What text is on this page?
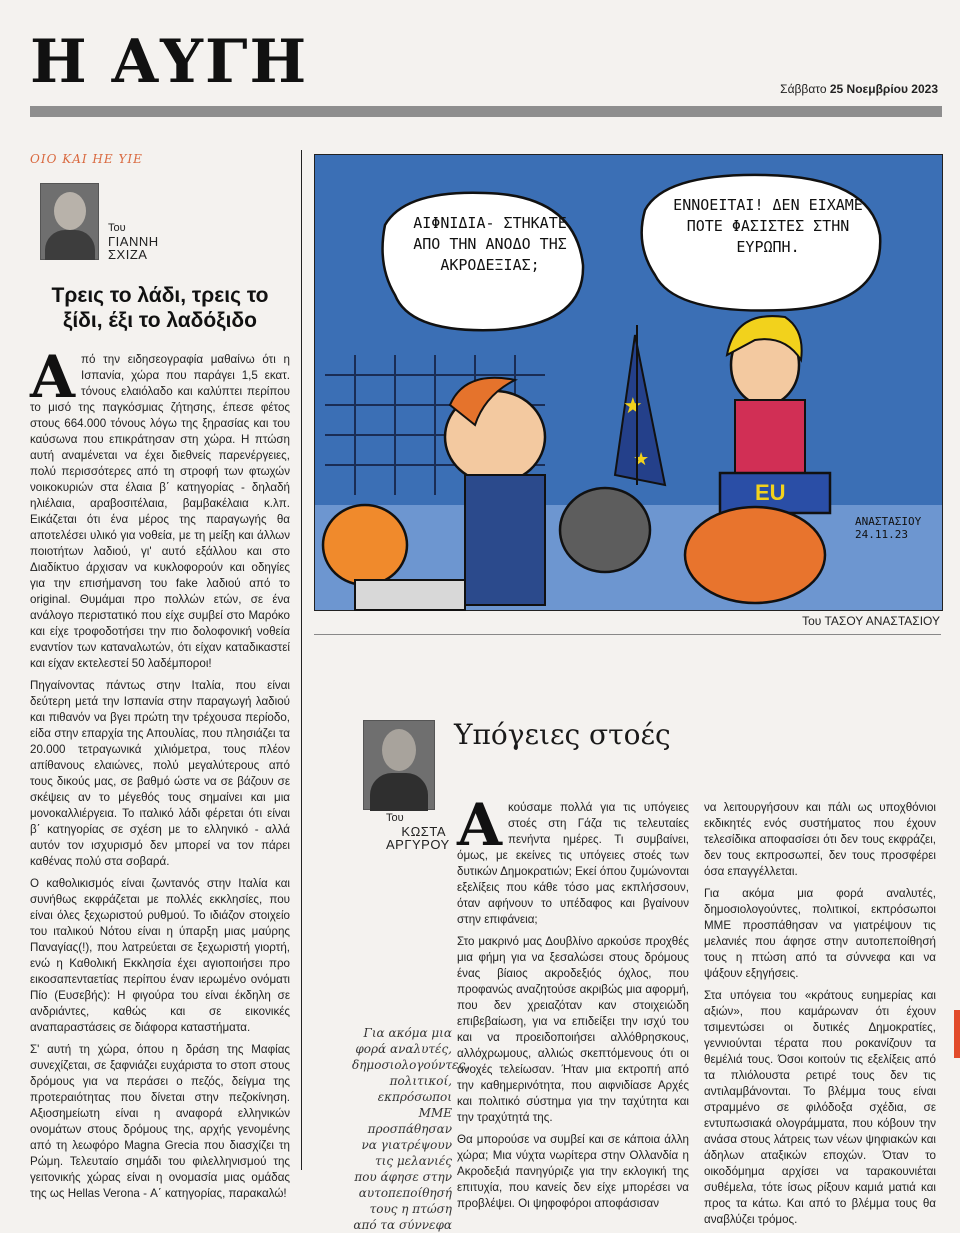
Η ΑΥΓΗ	Σάββατο 25 Νοεμβρίου 2023
ΟΙΟ ΚΑΙ ΗΕ ΥΙΕ
Του
ΓΙΑΝΝΗ
ΣΧΙΖΑ
Τρεις το λάδι, τρεις το ξίδι, έξι το λαδόξιδο

Από την ειδησεογραφία μαθαίνω ότι η Ισπανία, χώρα που παράγει 1,5 εκατ. τόνους ελαιόλαδο και καλύπτει περίπου το μισό της παγκόσμιας ζήτησης, έπεσε φέτος στους 664.000 τόνους λόγω της ξηρασίας και του καύσωνα που επικράτησαν στη χώρα. Η πτώση αυτή αναμένεται να έχει διεθνείς παρενέργειες, πολύ περισσότερες από τη στροφή των φτωχών νοικοκυριών στα έλαια β΄ κατηγορίας - δηλαδή ηλιέλαια, αραβοσιτέλαια, βαμβακέλαια κ.λπ. Εικάζεται ότι ένα μέρος της παραγωγής θα αποτελέσει υλικό για νοθεία, με τη μείξη και άλλων ποιοτήτων λαδιού, γι' αυτό εξάλλου και στο Διαδίκτυο άρχισαν να κυκλοφορούν και οδηγίες για την επισήμανση του fake λαδιού από το original. Θυμάμαι προ πολλών ετών, σε ένα ανάλογο περιστατικό που είχε συμβεί στο Μαρόκο και είχε τροφοδοτήσει την πιο δολοφονική νοθεία εναντίον των καταναλωτών, ότι είχαν καταδικαστεί και είχαν εκτελεστεί 50 λαδέμποροι!

Πηγαίνοντας πάντως στην Ιταλία, που είναι δεύτερη μετά την Ισπανία στην παραγωγή λαδιού και πιθανόν να βγει πρώτη την τρέχουσα περίοδο, είδα στην επαρχία της Απουλίας, που πλησιάζει τα 20.000 τετραγωνικά χιλιόμετρα, τους πλέον απίθανους ελαιώνες, πολύ μεγαλύτερους από τους δικούς μας, σε βαθμό ώστε να σε βάζουν σε σκέψεις αν το μέγεθός τους σημαίνει και μια μονοκαλλιέργεια. Το ιταλικό λάδι φέρεται ότι είναι β΄ κατηγορίας σε σχέση με το ελληνικό - αλλά αυτόν τον ισχυρισμό δεν μπορεί να τον πάρει καθένας πολύ στα σοβαρά.

Ο καθολικισμός είναι ζωντανός στην Ιταλία και συνήθως εκφράζεται με πολλές εκκλησίες, που είναι όλες ξεχωριστού ρυθμού. Το ιδιάζον στοιχείο του ιταλικού Νότου είναι η ύπαρξη μιας μαύρης Παναγίας(!), που λατρεύεται σε ξεχωριστή γιορτή, ενώ η Καθολική Εκκλησία έχει αγιοποιήσει προ εικοσαπενταετίας περίπου έναν ιερωμένο ονόματι Πίο (Ευσεβής): Η φιγούρα του είναι έκδηλη σε ανδριάντες, καθώς και σε εικονικές αναπαραστάσεις σε διάφορα καταστήματα.

Σ' αυτή τη χώρα, όπου η δράση της Μαφίας συνεχίζεται, σε ξαφνιάζει ευχάριστα το στοπ στους δρόμους για να περάσει ο πεζός, δείγμα της προτεραιότητας που δίνεται στην πεζοκίνηση. Αξιοσημείωτη είναι η αναφορά ελληνικών ονομάτων στους δρόμους της, αρχής γενομένης από τη λεωφόρο Magna Grecia που διασχίζει τη Ρώμη. Τελευταίο σημάδι του φιλελληνισμού της γειτονικής χώρας είναι η ονομασία μιας ομάδας της ως Hellas Verona - Α΄ κατηγορίας, παρακαλώ!

★
★
ΑΙΦΝΙΔΙΑ- ΣΤΗΚΑΤΕ ΑΠΟ ΤΗΝ ΑΝΟΔΟ ΤΗΣ ΑΚΡΟΔΕΞΙΑΣ;
ΕΝΝΟΕΙΤΑΙ! ΔΕΝ ΕΙΧΑΜΕ ΠΟΤΕ ΦΑΣΙΣΤΕΣ ΣΤΗΝ ΕΥΡΩΠΗ.
EU
ΑΝΑΣΤΑΣΙΟΥ 24.11.23
Του ΤΑΣΟΥ ΑΝΑΣΤΑΣΙΟΥ
Του
ΚΩΣΤΑ
ΑΡΓΥΡΟΥ
Υπόγειες στοές
Για ακόμα μια φορά αναλυτές, δημοσιολογούντες, πολιτικοί, εκπρόσωποι ΜΜΕ προσπάθησαν να γιατρέψουν τις μελανιές που άφησε στην αυτοπεποίθησή τους η πτώση από τα σύννεφα

Ακούσαμε πολλά για τις υπόγειες στοές στη Γάζα τις τελευταίες πενήντα ημέρες. Τι συμβαίνει, όμως, με εκείνες τις υπόγειες στοές των δυτικών Δημοκρατιών; Εκεί όπου ζυμώνονται εξελίξεις που κάθε τόσο μας εκπλήσσουν, όταν αφήνουν το υπέδαφος και βγαίνουν στην επιφάνεια;

Στο μακρινό μας Δουβλίνο αρκούσε προχθές μια φήμη για να ξεσαλώσει στους δρόμους ένας βίαιος ακροδεξιός όχλος, που προφανώς αναζητούσε ακριβώς μια αφορμή, που δεν χρειαζόταν καν στοιχειώδη επιβεβαίωση, για να επιδείξει την ισχύ του και να προειδοποιήσει αλλόθρησκους, αλλόχρωμους, αλλιώς σκεπτόμενους ότι οι ανοχές τελείωσαν. Ήταν μια εκτροπή από την καθημερινότητα, που αιφνιδίασε Αρχές και πολιτικό σύστημα για την ταχύτητα και την τραχύτητά της.

Θα μπορούσε να συμβεί και σε κάποια άλλη χώρα; Μια νύχτα νωρίτερα στην Ολλανδία η Ακροδεξιά πανηγύριζε για την εκλογική της επιτυχία, που κανείς δεν είχε μπορέσει να προβλέψει. Οι ψηφοφόροι αποφάσισαν

να λειτουργήσουν και πάλι ως υποχθόνιοι εκδικητές ενός συστήματος που έχουν τελεσίδικα αποφασίσει ότι δεν τους εκφράζει, δεν τους εκπροσωπεί, δεν τους προσφέρει όσα επαγγέλλεται.

Για ακόμα μια φορά αναλυτές, δημοσιολογούντες, πολιτικοί, εκπρόσωποι ΜΜΕ προσπάθησαν να γιατρέψουν τις μελανιές που άφησε στην αυτοπεποίθησή τους η πτώση από τα σύννεφα και να ψάξουν εξηγήσεις.

Στα υπόγεια του «κράτους ευημερίας και αξιών», που καμάρωναν ότι έχουν τσιμεντώσει οι δυτικές Δημοκρατίες, γεννιούνται τέρατα που ροκανίζουν τα θεμέλιά τους. Όσοι κοιτούν τις εξελίξεις από τα πλιόλουστα ρετιρέ τους δεν τις αντιλαμβάνονται. Το βλέμμα τους είναι στραμμένο σε φιλόδοξα σχέδια, σε εντυπωσιακά ολογράμματα, που κόβουν την ανάσα στους λάτρεις των νέων ψηφιακών και άδηλων αταξικών εποχών. Όταν το οικοδόμημα αρχίσει να ταρακουνιέται συθέμελα, τότε ίσως ρίξουν καμιά ματιά και προς τα κάτω. Και από το βλέμμα τους θα αναβλύζει τρόμος.
